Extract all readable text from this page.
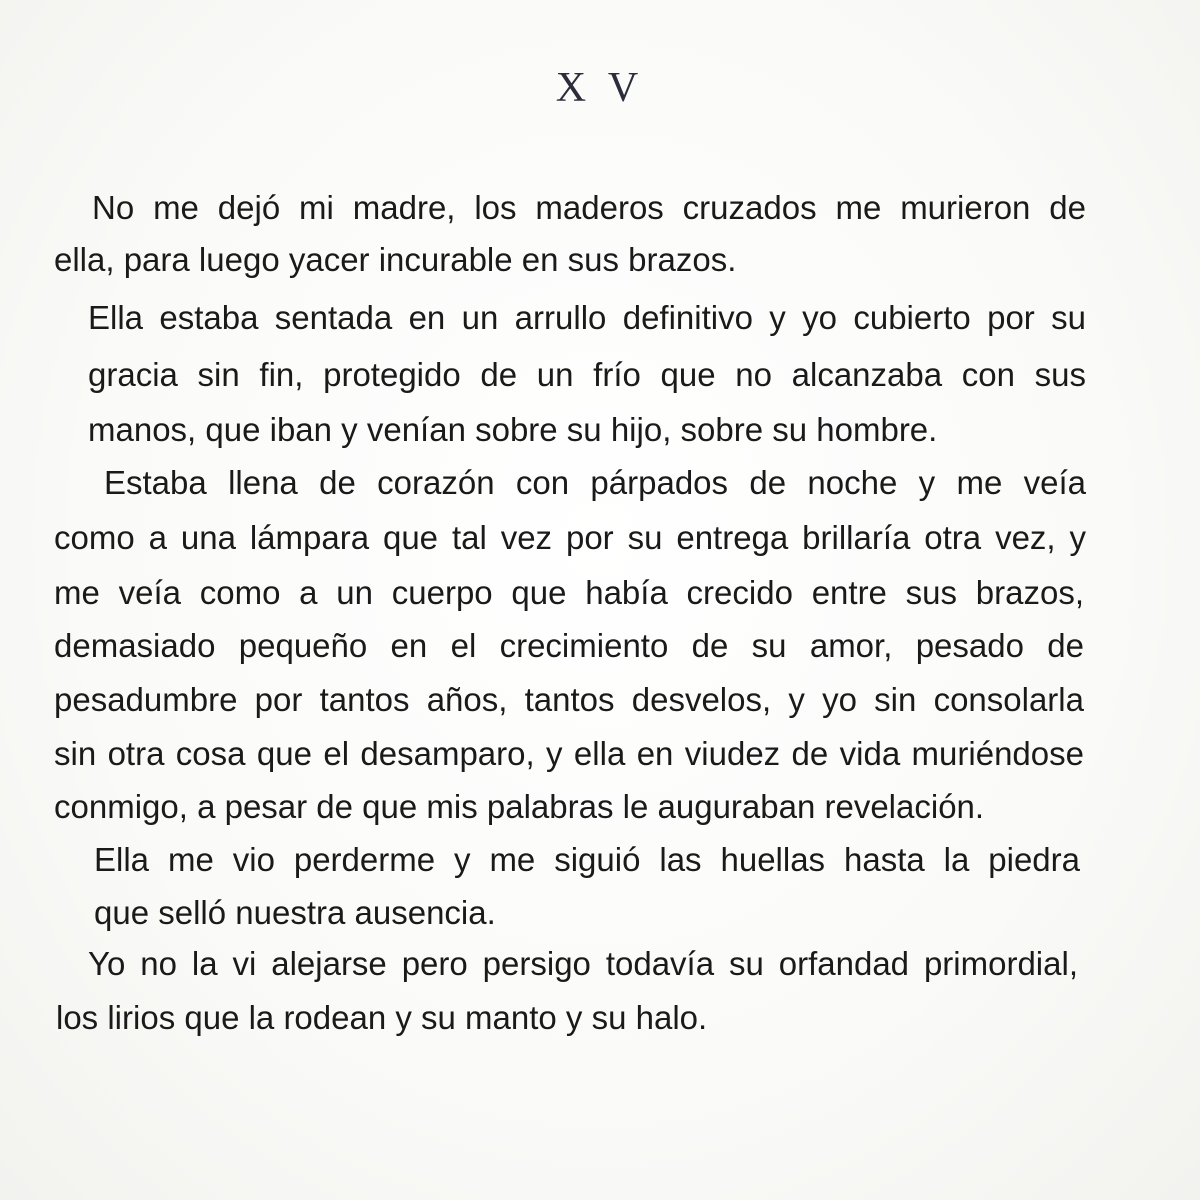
X V
No me dejó mi madre, los maderos cruzados me murieron de
ella, para luego yacer incurable en sus brazos.
Ella estaba sentada en un arrullo definitivo y yo cubierto por su
gracia sin fin, protegido de un frío que no alcanzaba con sus
manos, que iban y venían sobre su hijo, sobre su hombre.
Estaba llena de corazón con párpados de noche y me veía
como a una lámpara que tal vez por su entrega brillaría otra vez, y
me veía como a un cuerpo que había crecido entre sus brazos,
demasiado pequeño en el crecimiento de su amor, pesado de
pesadumbre por tantos años, tantos desvelos, y yo sin consolarla
sin otra cosa que el desamparo, y ella en viudez de vida muriéndose
conmigo, a pesar de que mis palabras le auguraban revelación.
Ella me vio perderme y me siguió las huellas hasta la piedra
que selló nuestra ausencia.
Yo no la vi alejarse pero persigo todavía su orfandad primordial,
los lirios que la rodean y su manto y su halo.
